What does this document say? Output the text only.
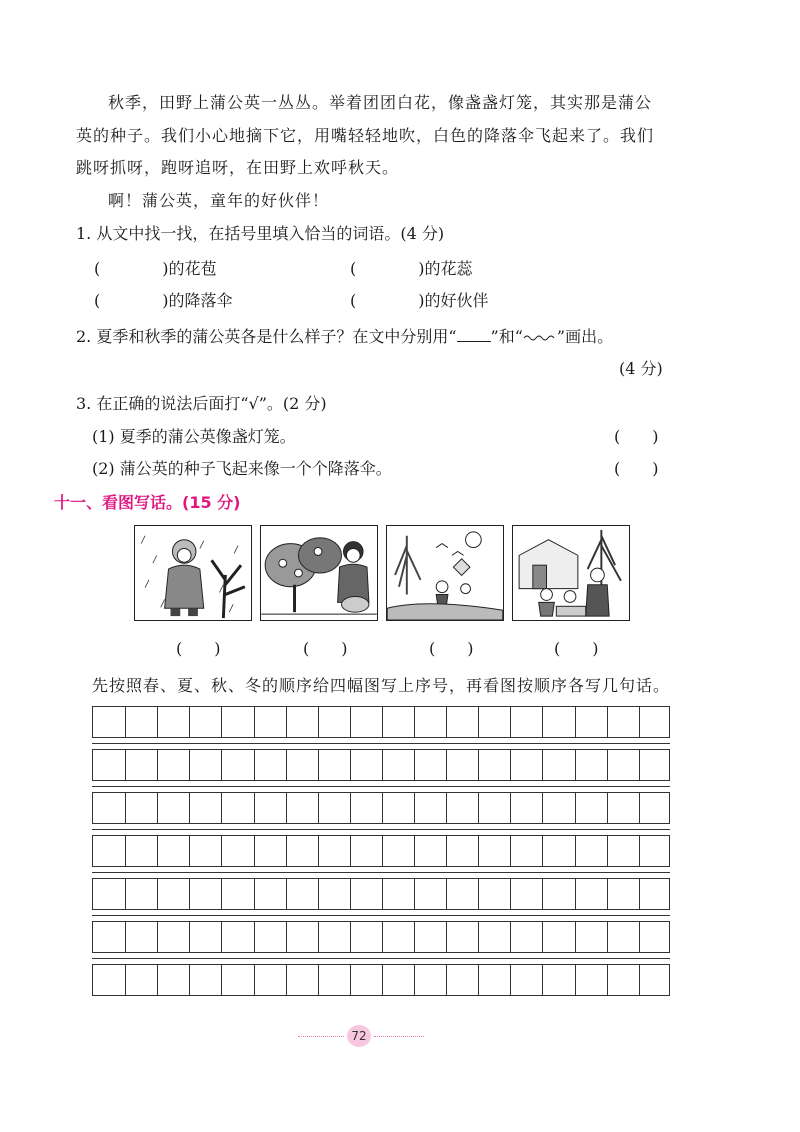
秋季，田野上蒲公英一丛丛。举着团团白花，像盏盏灯笼，其实那是蒲公
英的种子。我们小心地摘下它，用嘴轻轻地吹，白色的降落伞飞起来了。我们
跳呀抓呀，跑呀追呀，在田野上欢呼秋天。
啊！蒲公英，童年的好伙伴！
1. 从文中找一找，在括号里填入恰当的词语。(4 分)
(	)的花苞	(	)的花蕊
(	)的降落伞	(	)的好伙伴
2. 夏季和秋季的蒲公英各是什么样子？在文中分别用“ ”和“ ”画出。
(4 分)
3. 在正确的说法后面打“√”。(2 分)
(1) 夏季的蒲公英像盏灯笼。	(　　)
(2) 蒲公英的种子飞起来像一个个降落伞。	(　　)
十一、看图写话。(15 分)
(　　)	(　　)	(　　)	(　　)
先按照春、夏、秋、冬的顺序给四幅图写上序号，再看图按顺序各写几句话。
72
